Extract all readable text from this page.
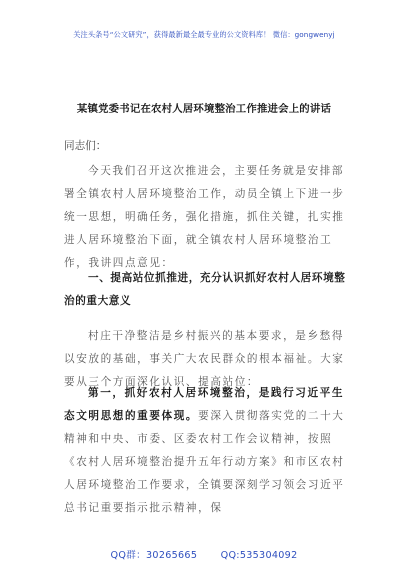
关注头条号“公文研究”，获得最新最全最专业的公文资料库！ 微信：gongwenyj
某镇党委书记在农村人居环境整治工作推进会上的讲话
同志们：
今天我们召开这次推进会，主要任务就是安排部署全镇农村人居环境整治工作，动员全镇上下进一步统一思想，明确任务，强化措施，抓住关键，扎实推进人居环境整治下面，就全镇农村人居环境整治工作，我讲四点意见：
一、提高站位抓推进，充分认识抓好农村人居环境整治的重大意义
村庄干净整洁是乡村振兴的基本要求，是乡愁得以安放的基础，事关广大农民群众的根本福祉。大家要从三个方面深化认识、提高站位：
第一，抓好农村人居环境整治，是践行习近平生态文明思想的重要体现。要深入贯彻落实党的二十大精神和中央、市委、区委农村工作会议精神，按照《农村人居环境整治提升五年行动方案》和市区农村人居环境整治工作要求，全镇要深刻学习领会习近平总书记重要指示批示精神，保
QQ群：30265665 QQ:535304092
